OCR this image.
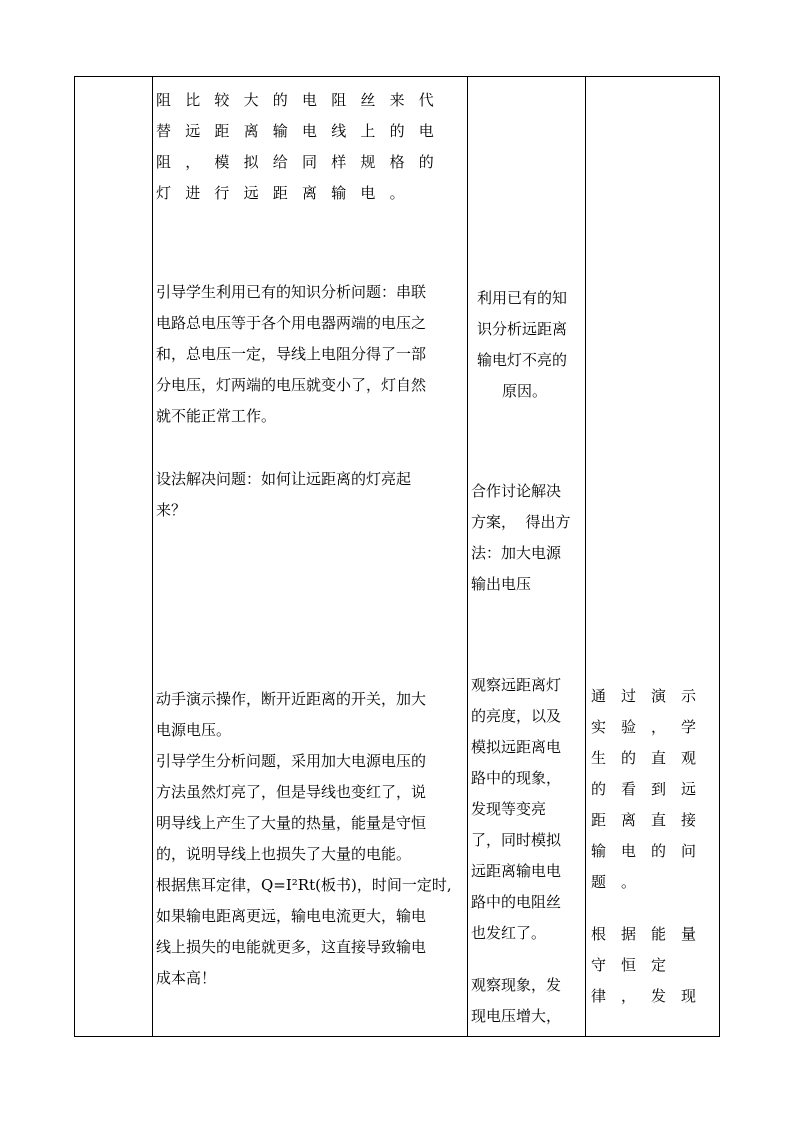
阻比较大的电阻丝来代
替远距离输电线上的电
阻，模拟给同样规格的
灯进行远距离输电。
引导学生利用已有的知识分析问题：串联
电路总电压等于各个用电器两端的电压之
和，总电压一定，导线上电阻分得了一部
分电压，灯两端的电压就变小了，灯自然
就不能正常工作。
设法解决问题：如何让远距离的灯亮起
来？
动手演示操作，断开近距离的开关，加大
电源电压。
引导学生分析问题，采用加大电源电压的
方法虽然灯亮了，但是导线也变红了，说
明导线上产生了大量的热量，能量是守恒
的，说明导线上也损失了大量的电能。
根据焦耳定律，Q=I²Rt(板书)，时间一定时,
如果输电距离更远，输电电流更大，输电
线上损失的电能就更多，这直接导致输电
成本高！
利用已有的知
识分析远距离
输电灯不亮的
原因。
合作讨论解决
方案，  得出方
法：加大电源
输出电压
观察远距离灯
的亮度，以及
模拟远距离电
路中的现象，
发现等变亮
了，同时模拟
远距离输电电
路中的电阻丝
也发红了。
观察现象，发
现电压增大，
通过演示
实验，学
生的直观
的看到远
距离直接
输电的问
题。
根据能量
守恒定
律，发现
